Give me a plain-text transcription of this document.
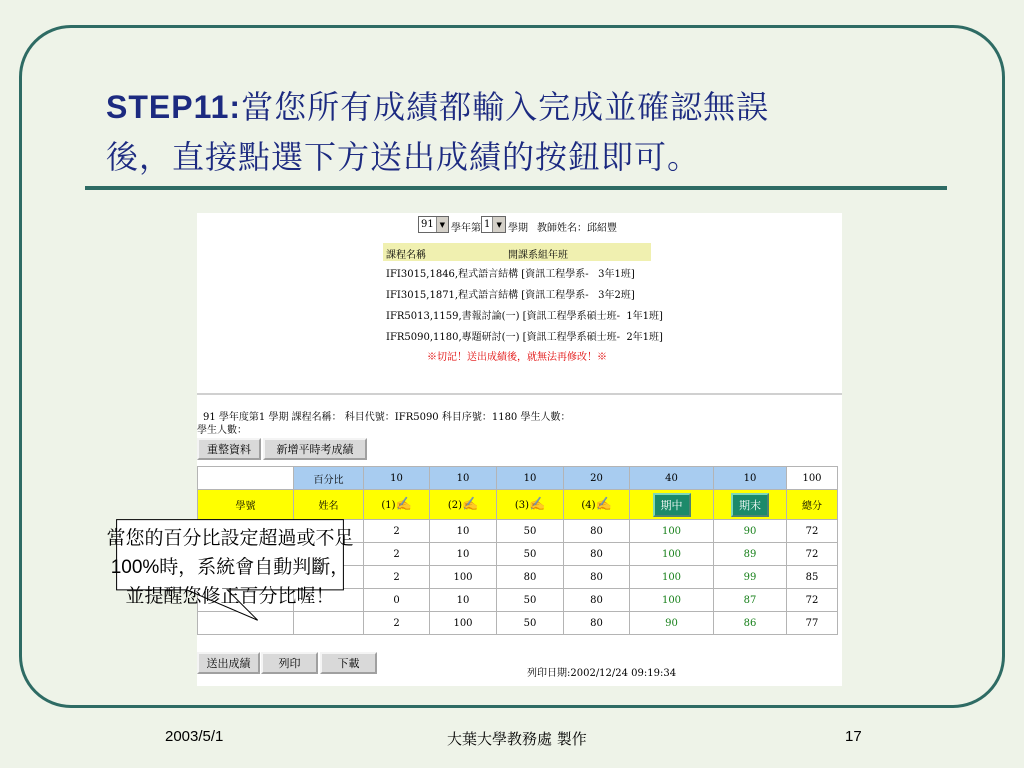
STEP11:當您所有成績都輸入完成並確認無誤
後，直接點選下方送出成績的按鈕即可。
91 ▼ 學年第 1 ▼ 學期 教師姓名：邱紹豐
課程名稱	開課系組年班
IFI3015,1846,程式語言結構 [資訊工程學系- 3年1班]
IFI3015,1871,程式語言結構 [資訊工程學系- 3年2班]
IFR5013,1159,書報討論(一) [資訊工程學系碩士班- 1年1班]
IFR5090,1180,專題研討(一) [資訊工程學系碩士班- 2年1班]
※切記！送出成績後，就無法再修改！※
91 學年度第1 學期 課程名稱： 科目代號：IFR5090 科目序號：1180 學生人數：
學生人數：
重整資料	新增平時考成績
	百分比	10	10	10	20	40	10	100
學號	姓名	(1)✍	(2)✍	(3)✍	(4)✍	期中	期末	總分
		2	10	50	80	100	90	72
		2	10	50	80	100	89	72
		2	100	80	80	100	99	85
		0	10	50	80	100	87	72
		2	100	50	80	90	86	77
送出成績	列印	下載
列印日期:2002/12/24 09:19:34
當您的百分比設定超過或不足
100%時，系統會自動判斷，
並提醒您修正百分比喔！
2003/5/1	大葉大學教務處 製作	17
